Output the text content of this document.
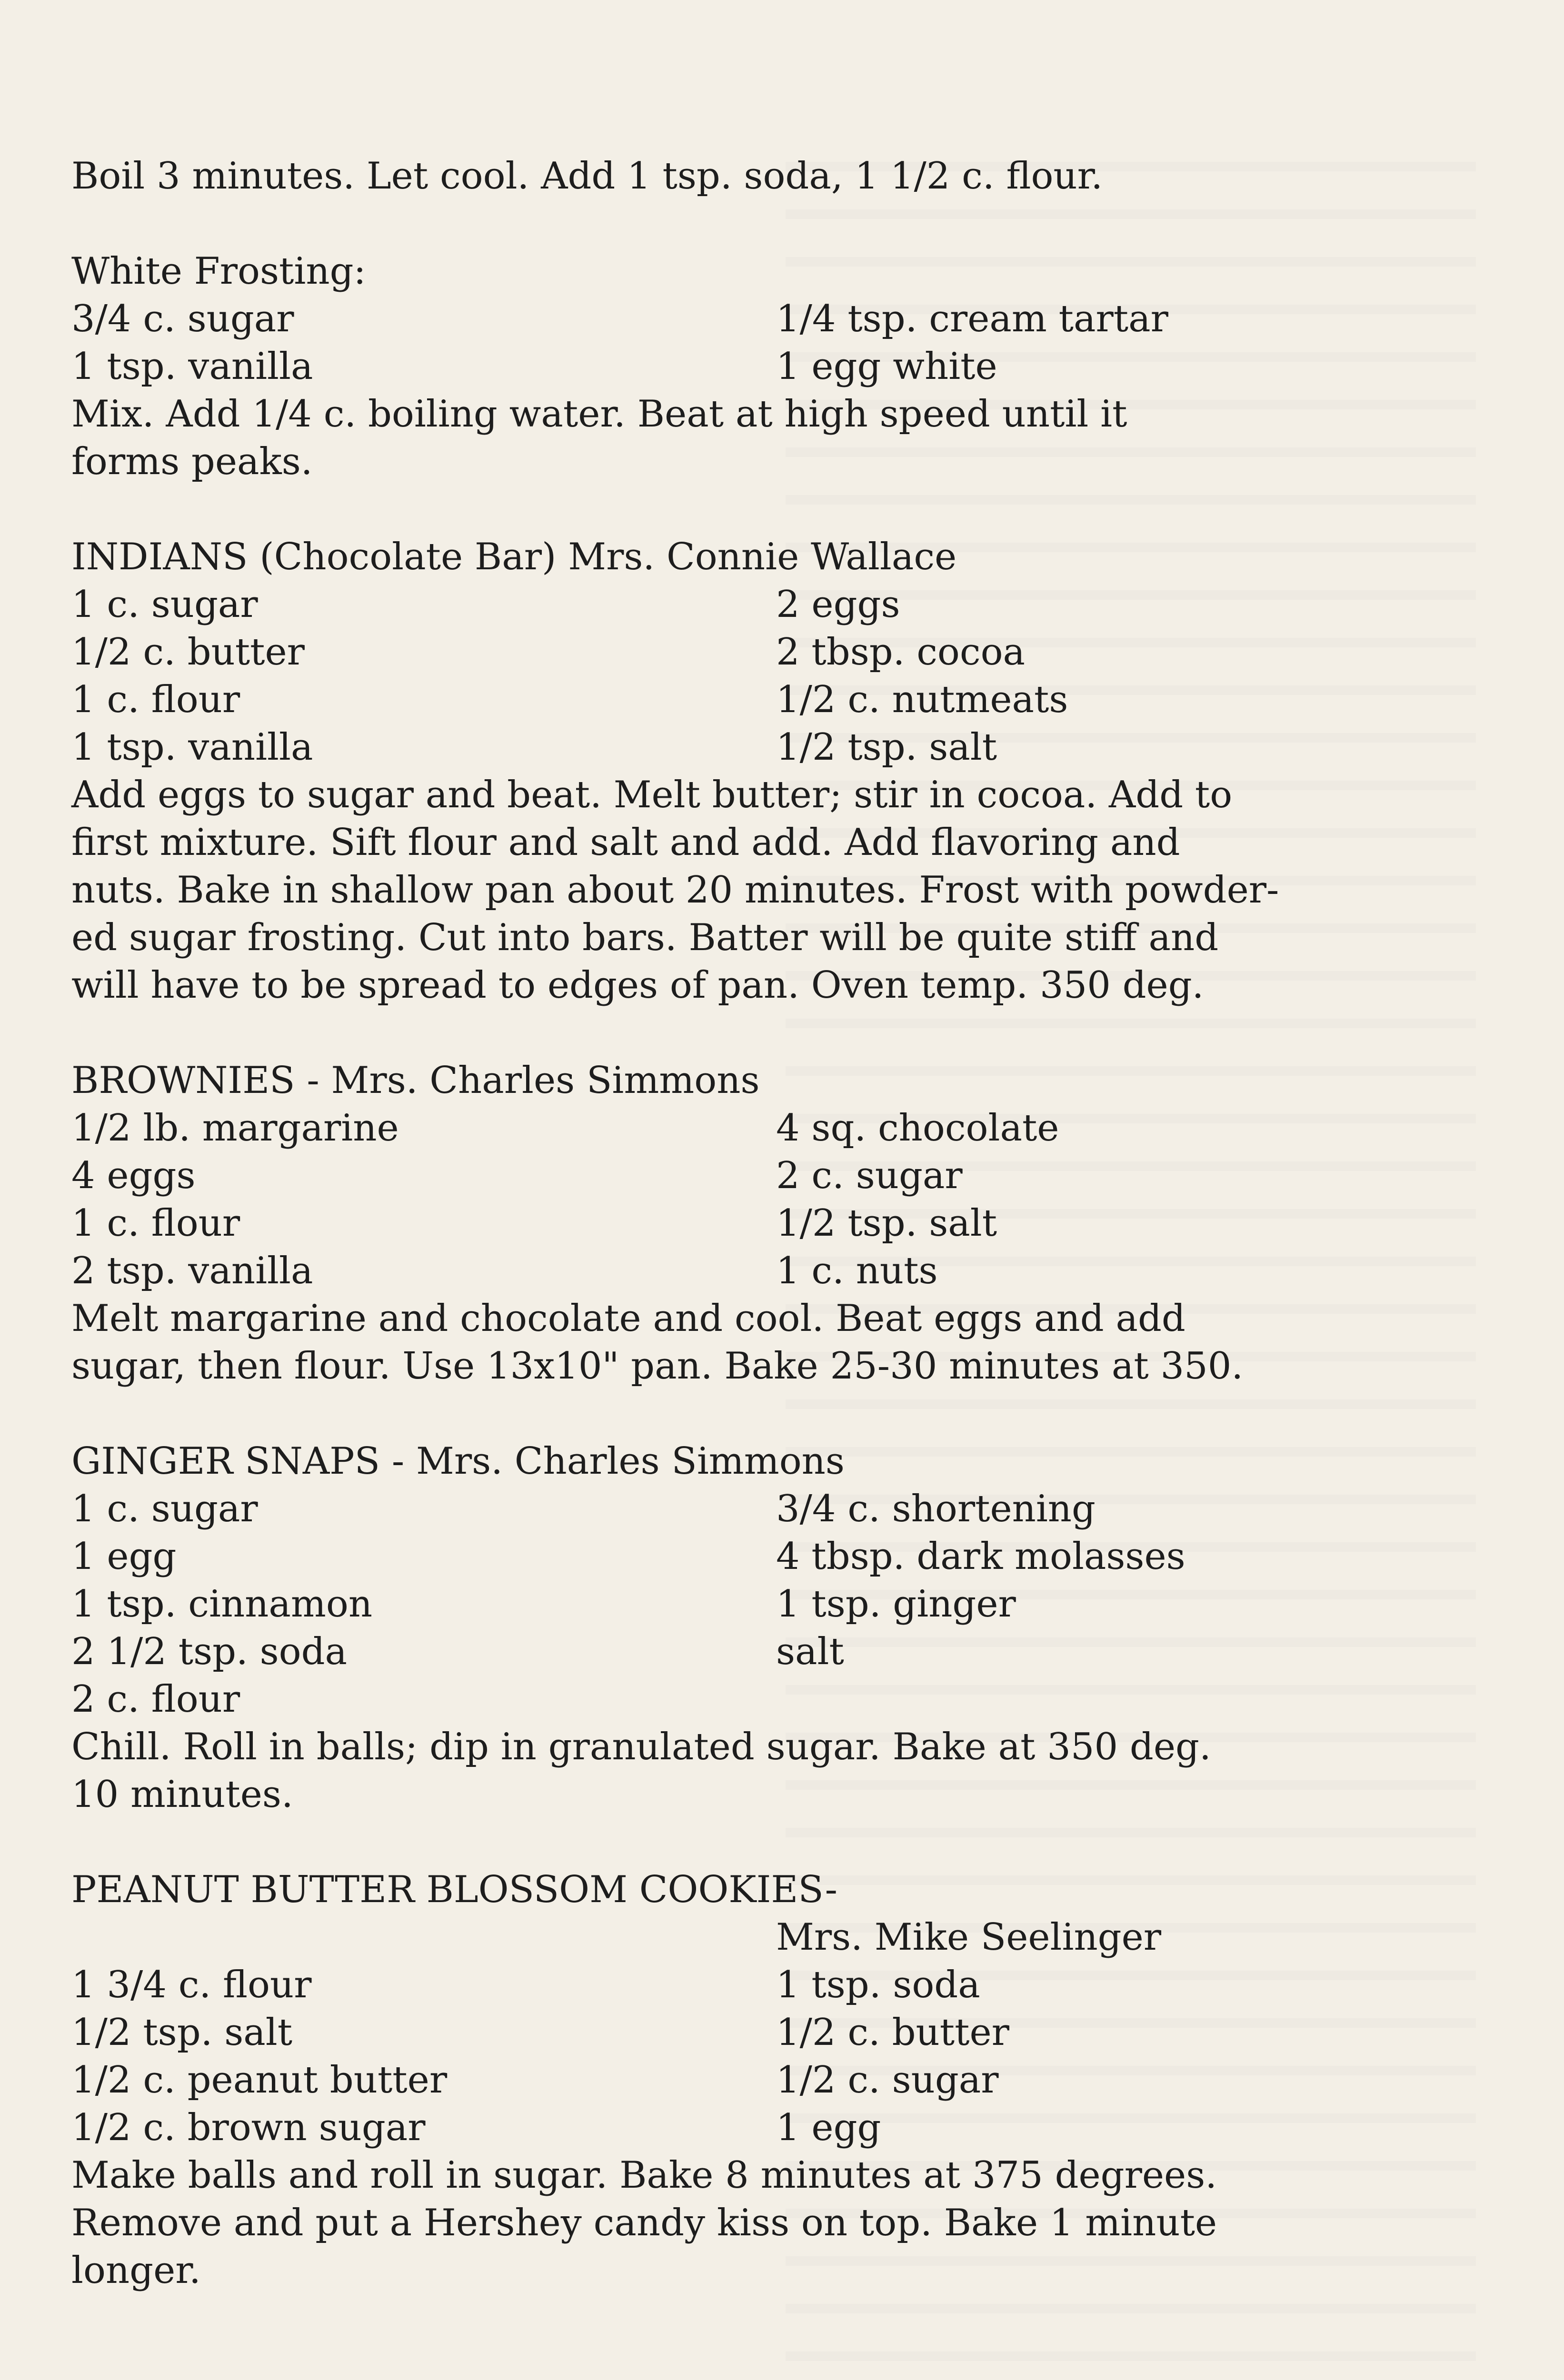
Boil 3 minutes. Let cool. Add 1 tsp. soda, 1 1/2 c. flour.
White Frosting:
3/4 c. sugar	1/4 tsp. cream tartar
1 tsp. vanilla	1 egg white
Mix. Add 1/4 c. boiling water. Beat at high speed until it
forms peaks.
INDIANS (Chocolate Bar) Mrs. Connie Wallace
1 c. sugar	2 eggs
1/2 c. butter	2 tbsp. cocoa
1 c. flour	1/2 c. nutmeats
1 tsp. vanilla	1/2 tsp. salt
Add eggs to sugar and beat. Melt butter; stir in cocoa. Add to
first mixture. Sift flour and salt and add. Add flavoring and
nuts. Bake in shallow pan about 20 minutes. Frost with powder-
ed sugar frosting. Cut into bars. Batter will be quite stiff and
will have to be spread to edges of pan. Oven temp. 350 deg.
BROWNIES - Mrs. Charles Simmons
1/2 lb. margarine	4 sq. chocolate
4 eggs	2 c. sugar
1 c. flour	1/2 tsp. salt
2 tsp. vanilla	1 c. nuts
Melt margarine and chocolate and cool. Beat eggs and add
sugar, then flour. Use 13x10" pan. Bake 25-30 minutes at 350.
GINGER SNAPS - Mrs. Charles Simmons
1 c. sugar	3/4 c. shortening
1 egg	4 tbsp. dark molasses
1 tsp. cinnamon	1 tsp. ginger
2 1/2 tsp. soda	salt
2 c. flour
Chill. Roll in balls; dip in granulated sugar. Bake at 350 deg.
10 minutes.
PEANUT BUTTER BLOSSOM COOKIES-
Mrs. Mike Seelinger
1 3/4 c. flour	1 tsp. soda
1/2 tsp. salt	1/2 c. butter
1/2 c. peanut butter	1/2 c. sugar
1/2 c. brown sugar	1 egg
Make balls and roll in sugar. Bake 8 minutes at 375 degrees.
Remove and put a Hershey candy kiss on top. Bake 1 minute
longer.
